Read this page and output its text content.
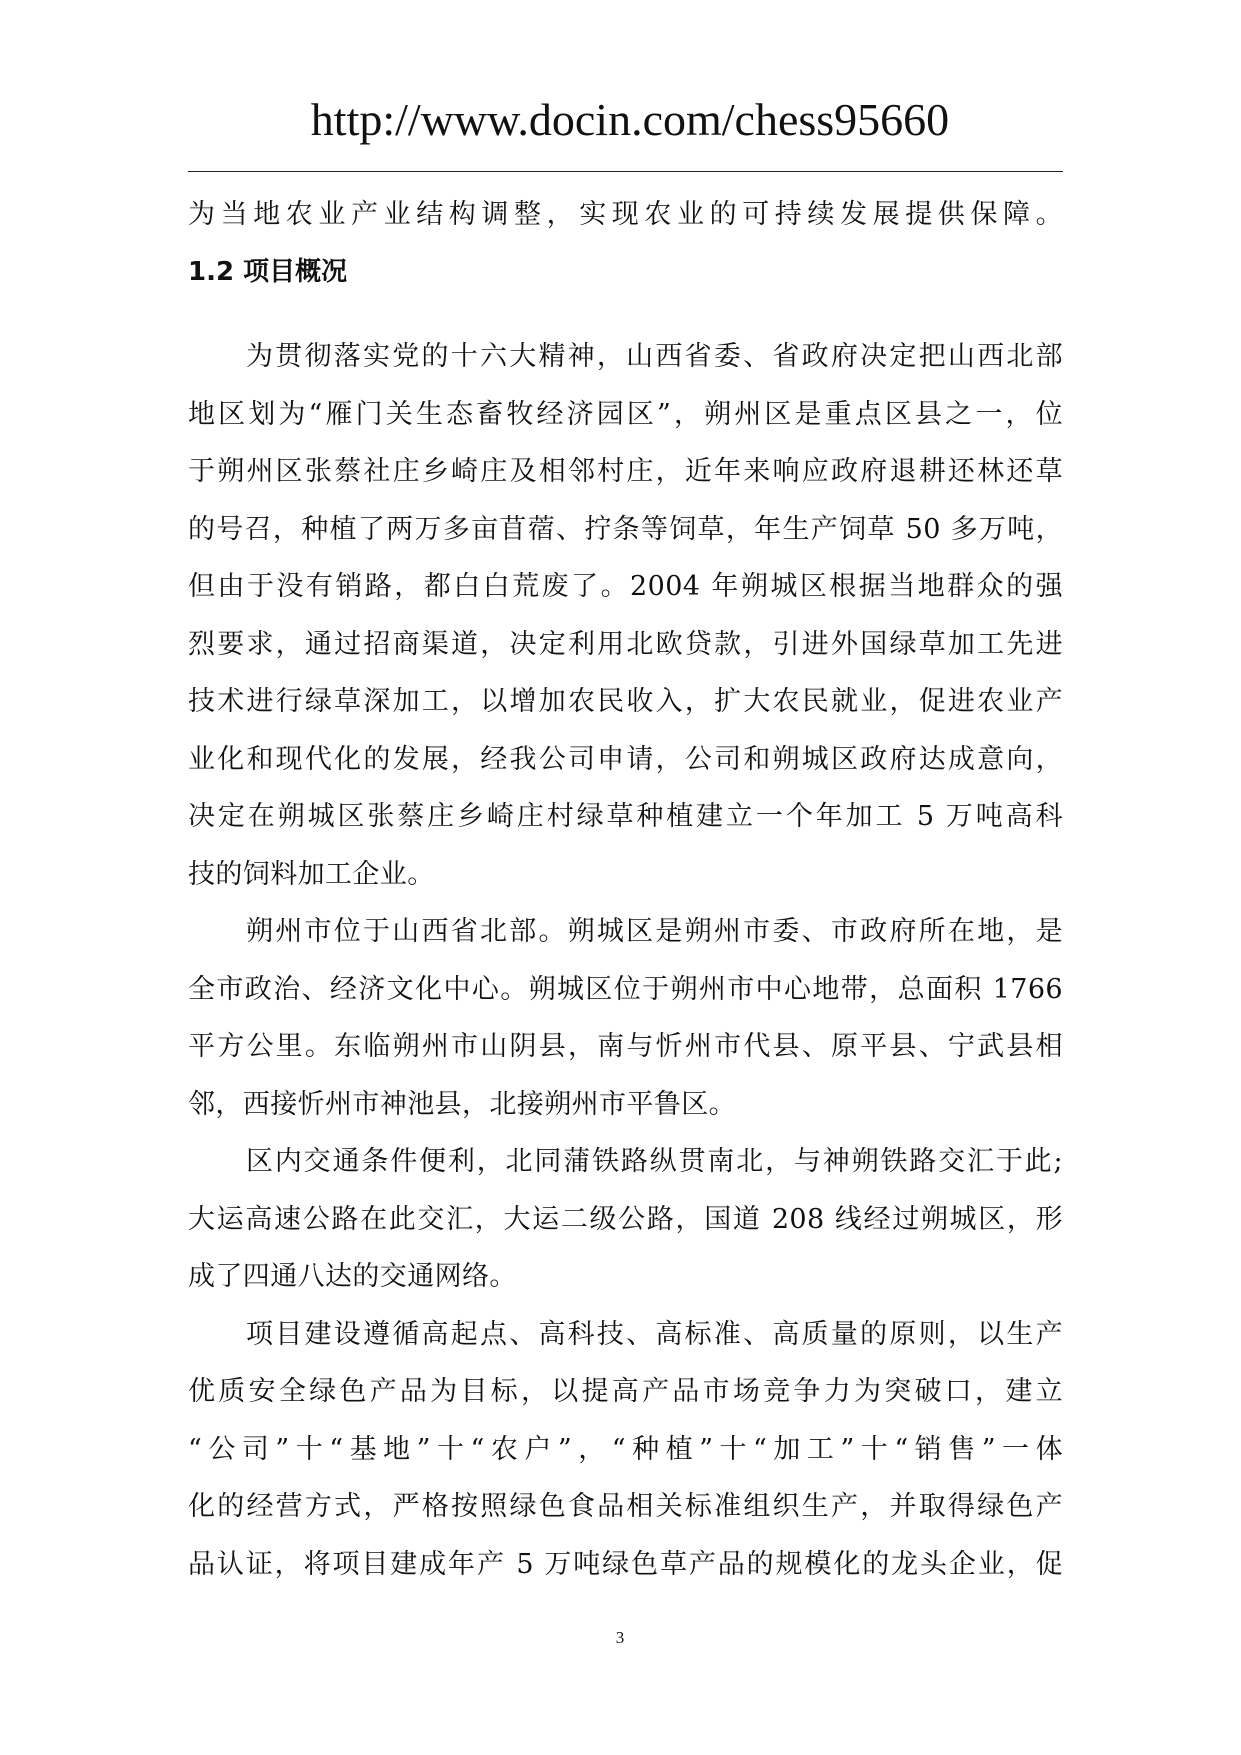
http://www.docin.com/chess95660
为当地农业产业结构调整，实现农业的可持续发展提供保障。
1.2 项目概况
为贯彻落实党的十六大精神，山西省委、省政府决定把山西北部
地区划为“雁门关生态畜牧经济园区”，朔州区是重点区县之一，位
于朔州区张蔡社庄乡崎庄及相邻村庄，近年来响应政府退耕还林还草
的号召，种植了两万多亩苜蓿、拧条等饲草，年生产饲草 50 多万吨，
但由于没有销路，都白白荒废了。2004 年朔城区根据当地群众的强
烈要求，通过招商渠道，决定利用北欧贷款，引进外国绿草加工先进
技术进行绿草深加工，以增加农民收入，扩大农民就业，促进农业产
业化和现代化的发展，经我公司申请，公司和朔城区政府达成意向，
决定在朔城区张蔡庄乡崎庄村绿草种植建立一个年加工 5 万吨高科
技的饲料加工企业。
朔州市位于山西省北部。朔城区是朔州市委、市政府所在地，是
全市政治、经济文化中心。朔城区位于朔州市中心地带，总面积 1766
平方公里。东临朔州市山阴县，南与忻州市代县、原平县、宁武县相
邻，西接忻州市神池县，北接朔州市平鲁区。
区内交通条件便利，北同蒲铁路纵贯南北，与神朔铁路交汇于此;
大运高速公路在此交汇，大运二级公路，国道 208 线经过朔城区，形
成了四通八达的交通网络。
项目建设遵循高起点、高科技、高标准、高质量的原则，以生产
优质安全绿色产品为目标，以提高产品市场竞争力为突破口，建立
“公司”十“基地”十“农户”，“种植”十“加工”十“销售”一体
化的经营方式，严格按照绿色食品相关标准组织生产，并取得绿色产
品认证，将项目建成年产 5 万吨绿色草产品的规模化的龙头企业，促
3
